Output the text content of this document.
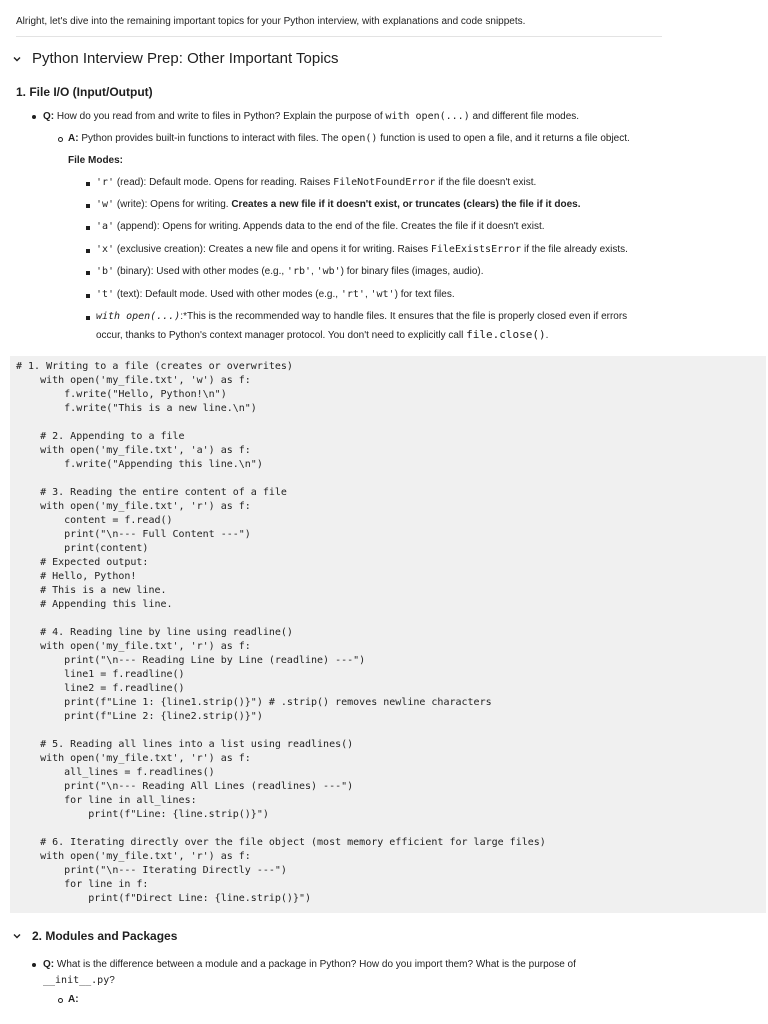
Alright, let's dive into the remaining important topics for your Python interview, with explanations and code snippets.
Python Interview Prep: Other Important Topics
1. File I/O (Input/Output)
Q: How do you read from and write to files in Python? Explain the purpose of with open(...) and different file modes.
A: Python provides built-in functions to interact with files. The open() function is used to open a file, and it returns a file object.
File Modes:
'r' (read): Default mode. Opens for reading. Raises FileNotFoundError if the file doesn't exist.
'w' (write): Opens for writing. Creates a new file if it doesn't exist, or truncates (clears) the file if it does.
'a' (append): Opens for writing. Appends data to the end of the file. Creates the file if it doesn't exist.
'x' (exclusive creation): Creates a new file and opens it for writing. Raises FileExistsError if the file already exists.
'b' (binary): Used with other modes (e.g., 'rb', 'wb') for binary files (images, audio).
't' (text): Default mode. Used with other modes (e.g., 'rt', 'wt') for text files.
with open(...):*This is the recommended way to handle files. It ensures that the file is properly closed even if errors
occur, thanks to Python's context manager protocol. You don't need to explicitly call file.close().
# 1. Writing to a file (creates or overwrites)
with open('my_file.txt', 'w') as f:
f.write("Hello, Python!\n")
f.write("This is a new line.\n")

# 2. Appending to a file
with open('my_file.txt', 'a') as f:
f.write("Appending this line.\n")

# 3. Reading the entire content of a file
with open('my_file.txt', 'r') as f:
content = f.read()
print("\n--- Full Content ---")
print(content)
# Expected output:
# Hello, Python!
# This is a new line.
# Appending this line.

# 4. Reading line by line using readline()
with open('my_file.txt', 'r') as f:
print("\n--- Reading Line by Line (readline) ---")
line1 = f.readline()
line2 = f.readline()
print(f"Line 1: {line1.strip()}") # .strip() removes newline characters
print(f"Line 2: {line2.strip()}")

# 5. Reading all lines into a list using readlines()
with open('my_file.txt', 'r') as f:
all_lines = f.readlines()
print("\n--- Reading All Lines (readlines) ---")
for line in all_lines:
print(f"Line: {line.strip()}")

# 6. Iterating directly over the file object (most memory efficient for large files)
with open('my_file.txt', 'r') as f:
print("\n--- Iterating Directly ---")
for line in f:
print(f"Direct Line: {line.strip()}")
2. Modules and Packages
Q: What is the difference between a module and a package in Python? How do you import them? What is the purpose of
__init__.py?
A:
